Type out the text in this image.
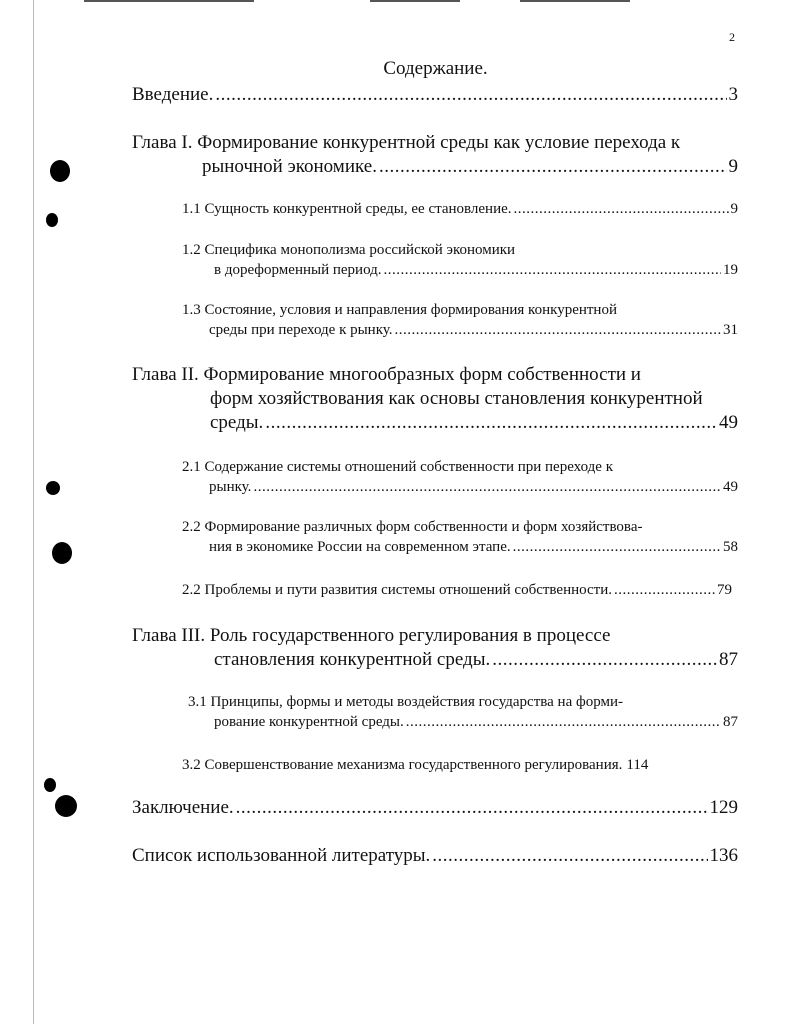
2
Содержание.
Введение. .....	3
Глава I. Формирование конкурентной среды как условие перехода к
рыночной экономике. .....	9
1.1 Сущность конкурентной среды, ее становление. .....	9
1.2 Специфика монополизма российской экономики
в дореформенный период. .....	19
1.3 Состояние, условия и направления формирования конкурентной
среды при переходе к рынку. .....	31
Глава II. Формирование многообразных форм собственности и
форм хозяйствования как основы становления конкурентной
среды. .....	49
2.1 Содержание системы отношений собственности при переходе к
рынку. .....	49
2.2 Формирование различных форм собственности и форм хозяйствова-
ния в экономике России на современном этапе. .....	58
2.2 Проблемы и пути развития системы отношений собственности. .....	79
Глава III. Роль государственного регулирования в процессе
становления конкурентной среды. .....	87
3.1 Принципы, формы и методы воздействия государства на форми-
рование конкурентной среды. .....	87
3.2 Совершенствование механизма государственного регулирования. 114
Заключение. .....	129
Список использованной литературы. .....	136
